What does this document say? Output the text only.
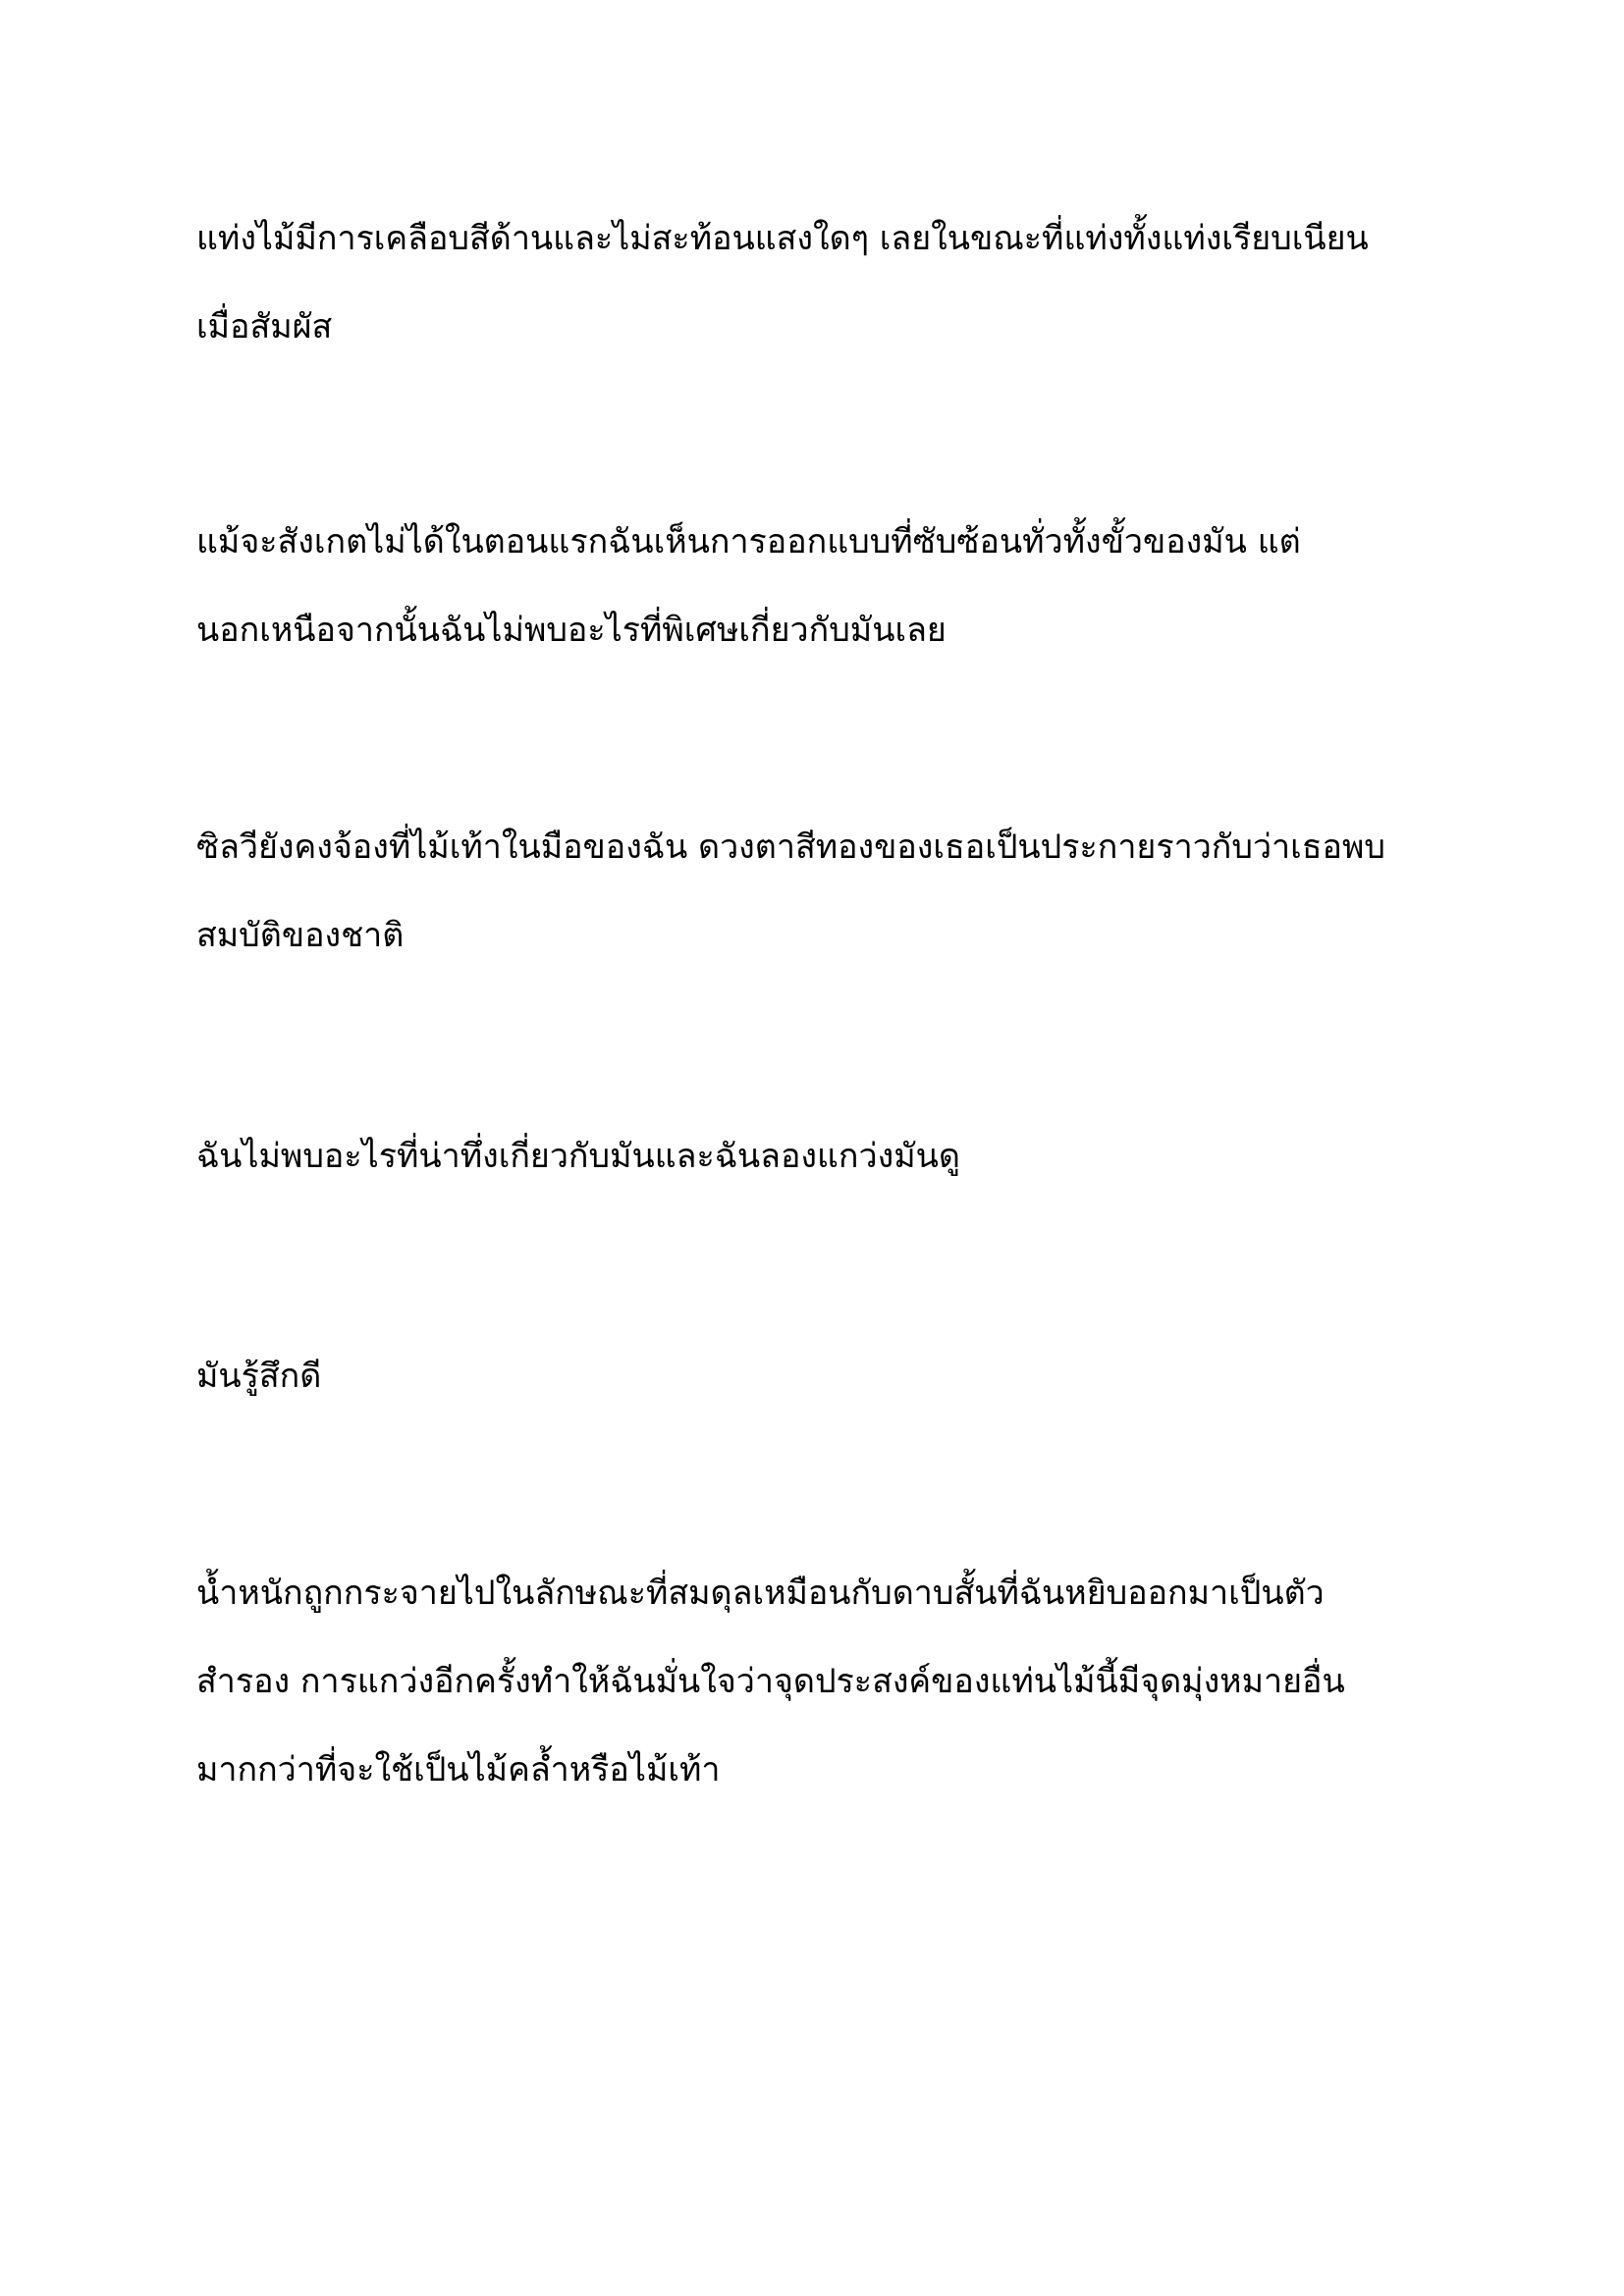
แท่งไม้มีการเคลือบสีด้านและไม่สะท้อนแสงใดๆ เลยในขณะที่แท่งทั้งแท่งเรียบเนียน
เมื่อสัมผัส

แม้จะสังเกตไม่ได้ในตอนแรกฉันเห็นการออกแบบที่ซับซ้อนทั่วทั้งขั้วของมัน แต่
นอกเหนือจากนั้นฉันไม่พบอะไรที่พิเศษเกี่ยวกับมันเลย

ซิลวียังคงจ้องที่ไม้เท้าในมือของฉัน ดวงตาสีทองของเธอเป็นประกายราวกับว่าเธอพบ
สมบัติของชาติ

ฉันไม่พบอะไรที่น่าทึ่งเกี่ยวกับมันและฉันลองแกว่งมันดู

มันรู้สึกดี

น้ำหนักถูกกระจายไปในลักษณะที่สมดุลเหมือนกับดาบสั้นที่ฉันหยิบออกมาเป็นตัว
สำรอง การแกว่งอีกครั้งทำให้ฉันมั่นใจว่าจุดประสงค์ของแท่นไม้นี้มีจุดมุ่งหมายอื่น
มากกว่าที่จะใช้เป็นไม้คล้ำหรือไม้เท้า
